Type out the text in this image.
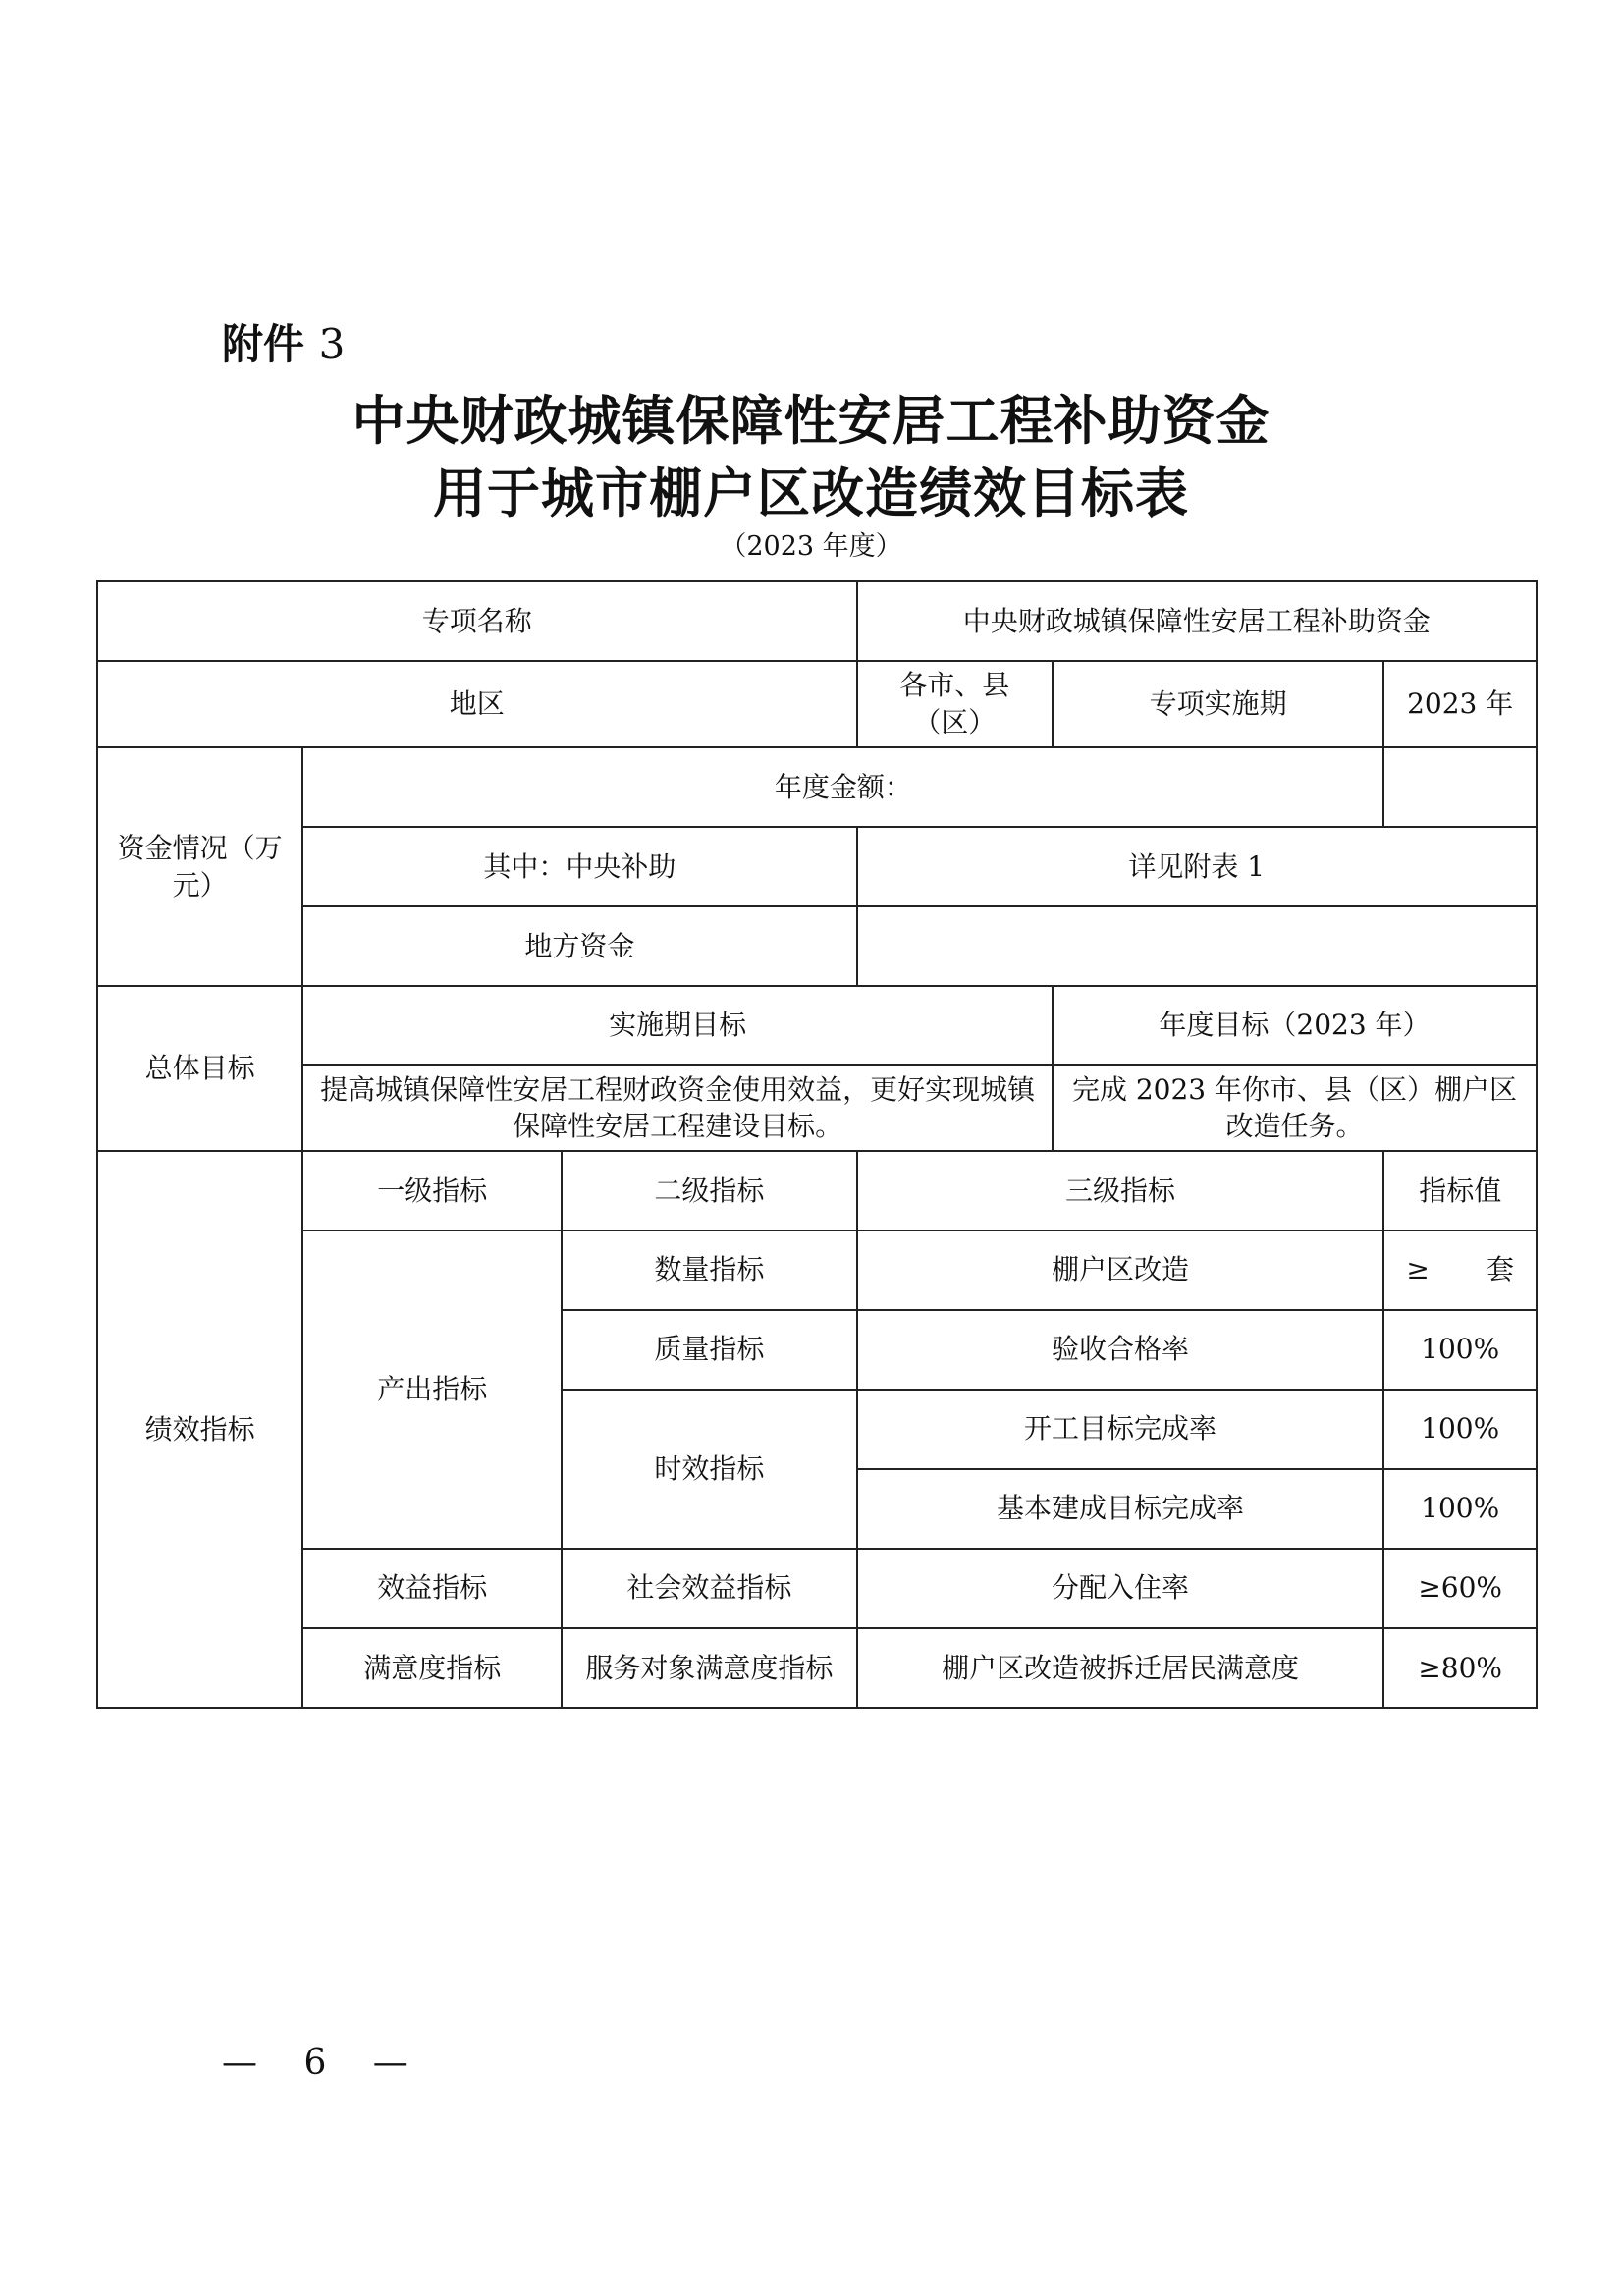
附件 3
中央财政城镇保障性安居工程补助资金
用于城市棚户区改造绩效目标表
（2023 年度）
专项名称			中央财政城镇保障性安居工程补助资金		
地区			各市、县（区）	专项实施期	2023 年
资金情况（万元）	年度金额：				
	其中：中央补助		详见附表 1		
	地方资金				
总体目标	实施期目标			年度目标（2023 年）	
	提高城镇保障性安居工程财政资金使用效益，更好实现城镇保障性安居工程建设目标。			完成 2023 年你市、县（区）棚户区改造任务。	
绩效指标	一级指标	二级指标	三级指标		指标值
	产出指标	数量指标	棚户区改造		≥ 套

		质量指标	验收合格率		100%
		时效指标	开工目标完成率		100%
			基本建成目标完成率		100%
	效益指标	社会效益指标	分配入住率		≥60%
	满意度指标	服务对象满意度指标	棚户区改造被拆迁居民满意度		≥80%
— 6 —
